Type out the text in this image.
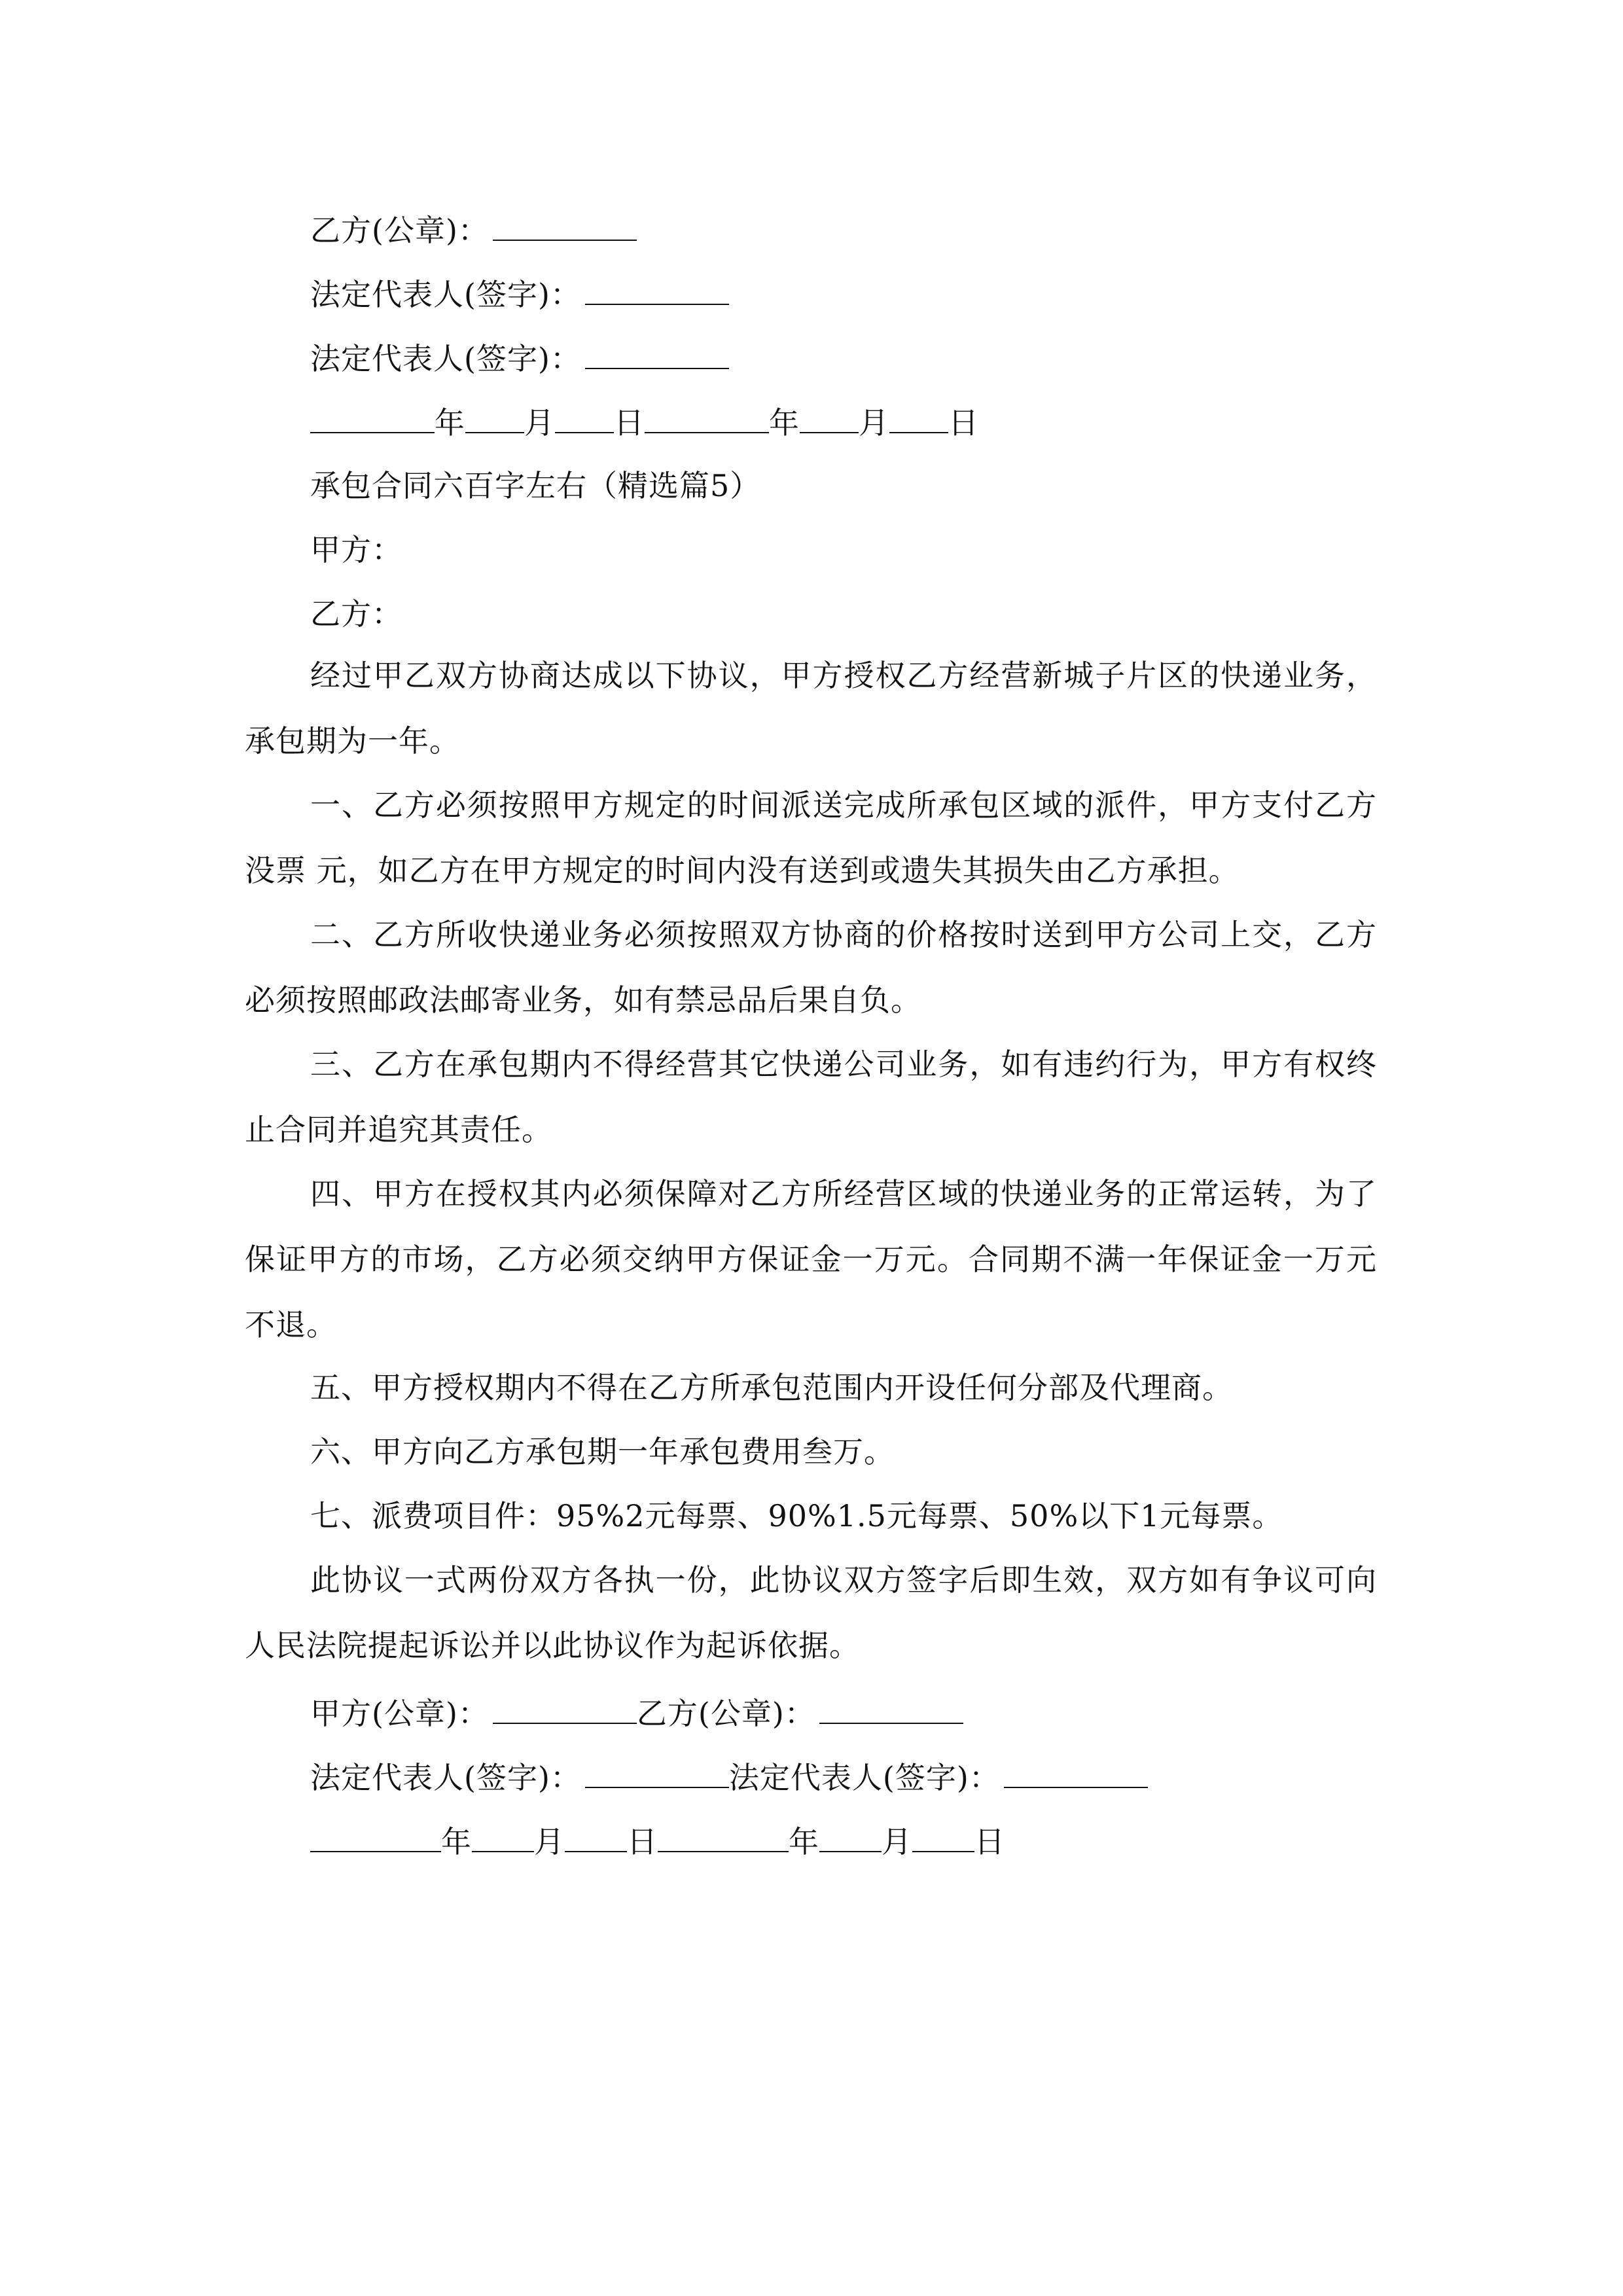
乙方(公章)：
法定代表人(签字)：
法定代表人(签字)：
年 月 日	年 月 日
承包合同六百字左右（精选篇5）
甲方：
乙方：
经过甲乙双方协商达成以下协议，甲方授权乙方经营新城子片区的快递业务，承包期为一年。
一、乙方必须按照甲方规定的时间派送完成所承包区域的派件，甲方支付乙方没票 元，如乙方在甲方规定的时间内没有送到或遗失其损失由乙方承担。
二、乙方所收快递业务必须按照双方协商的价格按时送到甲方公司上交，乙方必须按照邮政法邮寄业务，如有禁忌品后果自负。
三、乙方在承包期内不得经营其它快递公司业务，如有违约行为，甲方有权终止合同并追究其责任。
四、甲方在授权其内必须保障对乙方所经营区域的快递业务的正常运转，为了保证甲方的市场，乙方必须交纳甲方保证金一万元。合同期不满一年保证金一万元不退。
五、甲方授权期内不得在乙方所承包范围内开设任何分部及代理商。
六、甲方向乙方承包期一年承包费用叁万。
七、派费项目件：95%2元每票、90%1.5元每票、50%以下1元每票。
此协议一式两份双方各执一份，此协议双方签字后即生效，双方如有争议可向人民法院提起诉讼并以此协议作为起诉依据。
甲方(公章)：	乙方(公章)：
法定代表人(签字)：	法定代表人(签字)：
年 月 日	年 月 日
